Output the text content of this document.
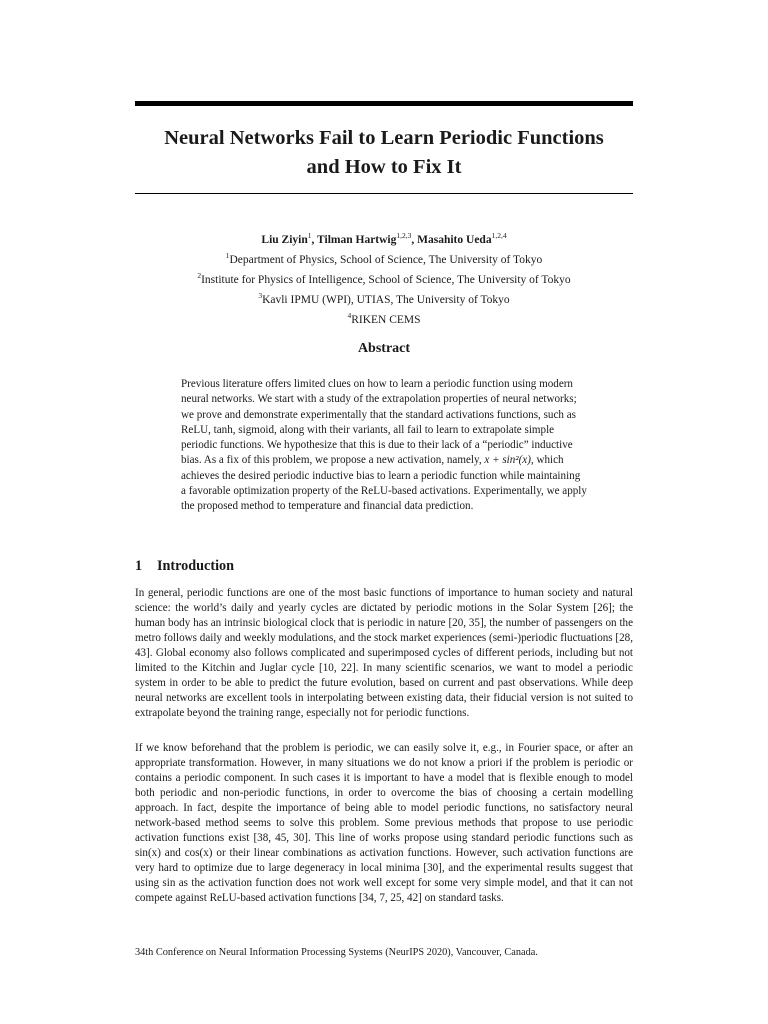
Neural Networks Fail to Learn Periodic Functions
and How to Fix It
Liu Ziyin$^1$, Tilman Hartwig$^{1,2,3}$, Masahito Ueda$^{1,2,4}$
$^1$Department of Physics, School of Science, The University of Tokyo
$^2$Institute for Physics of Intelligence, School of Science, The University of Tokyo
$^3$Kavli IPMU (WPI), UTIAS, The University of Tokyo
$^4$RIKEN CEMS
Abstract

Previous literature offers limited clues on how to learn a periodic function using modern neural networks. We start with a study of the extrapolation properties of neural networks; we prove and demonstrate experimentally that the standard activations functions, such as ReLU, tanh, sigmoid, along with their variants, all fail to learn to extrapolate simple periodic functions. We hypothesize that this is due to their lack of a “periodic” inductive bias. As a fix of this problem, we propose a new activation, namely, x + sin²(x), which achieves the desired periodic inductive bias to learn a periodic function while maintaining a favorable optimization property of the ReLU-based activations. Experimentally, we apply the proposed method to temperature and financial data prediction.

1 Introduction

In general, periodic functions are one of the most basic functions of importance to human society and natural science: the world’s daily and yearly cycles are dictated by periodic motions in the Solar System [26]; the human body has an intrinsic biological clock that is periodic in nature [20, 35], the number of passengers on the metro follows daily and weekly modulations, and the stock market experiences (semi-)periodic fluctuations [28, 43]. Global economy also follows complicated and superimposed cycles of different periods, including but not limited to the Kitchin and Juglar cycle [10, 22]. In many scientific scenarios, we want to model a periodic system in order to be able to predict the future evolution, based on current and past observations. While deep neural networks are excellent tools in interpolating between existing data, their fiducial version is not suited to extrapolate beyond the training range, especially not for periodic functions.

If we know beforehand that the problem is periodic, we can easily solve it, e.g., in Fourier space, or after an appropriate transformation. However, in many situations we do not know a priori if the problem is periodic or contains a periodic component. In such cases it is important to have a model that is flexible enough to model both periodic and non-periodic functions, in order to overcome the bias of choosing a certain modelling approach. In fact, despite the importance of being able to model periodic functions, no satisfactory neural network-based method seems to solve this problem. Some previous methods that propose to use periodic activation functions exist [38, 45, 30]. This line of works propose using standard periodic functions such as sin(x) and cos(x) or their linear combinations as activation functions. However, such activation functions are very hard to optimize due to large degeneracy in local minima [30], and the experimental results suggest that using sin as the activation function does not work well except for some very simple model, and that it can not compete against ReLU-based activation functions [34, 7, 25, 42] on standard tasks.

34th Conference on Neural Information Processing Systems (NeurIPS 2020), Vancouver, Canada.
